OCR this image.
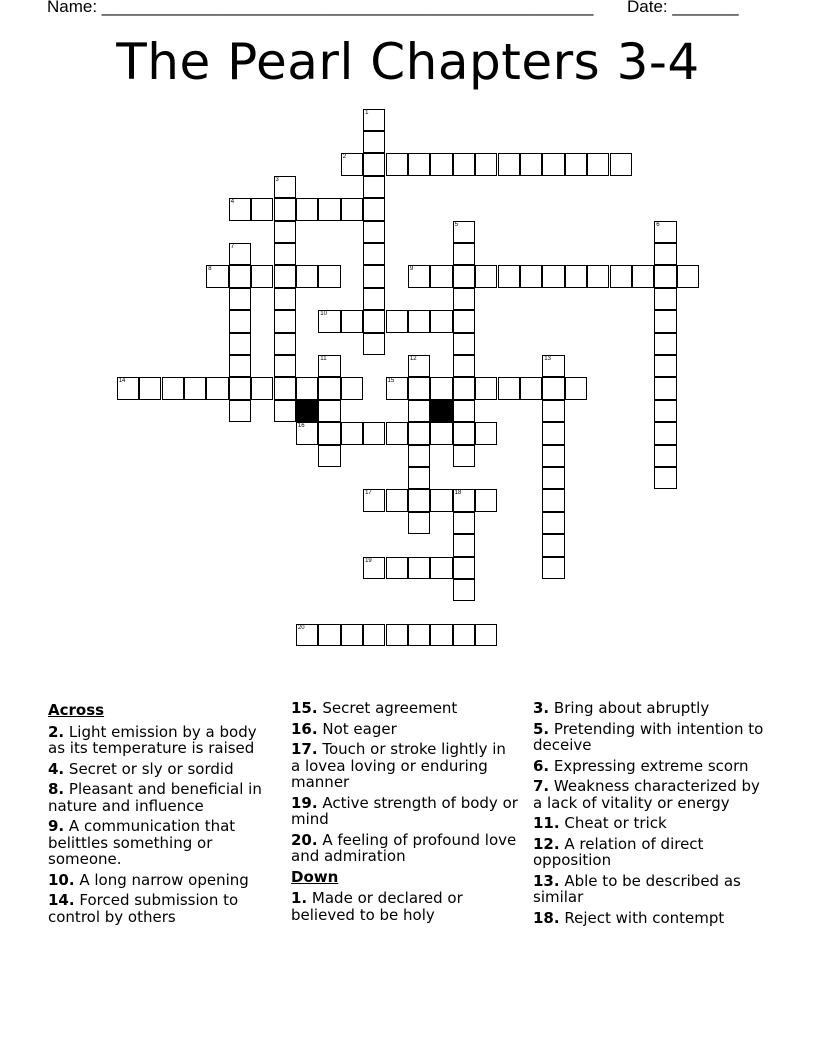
Name: ____________________________________________________ Date: _______
The Pearl Chapters 3-4
2
4
8	9
10
14	15
16
17	18
19
20
1
3
5	6
7
11	12	13
Across
2. Light emission by a body as its temperature is raised
4. Secret or sly or sordid
8. Pleasant and beneficial in nature and influence
9. A communication that belittles something or someone.
10. A long narrow opening
14. Forced submission to control by others
15. Secret agreement
16. Not eager
17. Touch or stroke lightly in a lovea loving or enduring manner
19. Active strength of body or mind
20. A feeling of profound love and admiration
Down
1. Made or declared or believed to be holy
3. Bring about abruptly
5. Pretending with intention to deceive
6. Expressing extreme scorn
7. Weakness characterized by a lack of vitality or energy
11. Cheat or trick
12. A relation of direct opposition
13. Able to be described as similar
18. Reject with contempt
